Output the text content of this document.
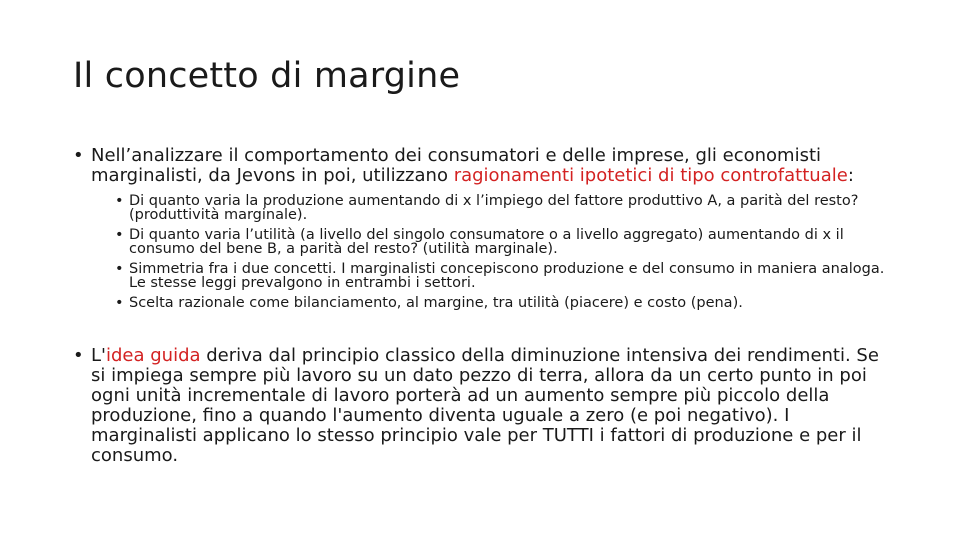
Il concetto di margine
• Nell’analizzare il comportamento dei consumatori e delle imprese, gli economisti marginalisti, da Jevons in poi, utilizzano ragionamenti ipotetici di tipo controfattuale:
• Di quanto varia la produzione aumentando di x l’impiego del fattore produttivo A, a parità del resto? (produttività marginale).
• Di quanto varia l’utilità (a livello del singolo consumatore o a livello aggregato) aumentando di x il consumo del bene B, a parità del resto? (utilità marginale).
• Simmetria fra i due concetti. I marginalisti concepiscono produzione e del consumo in maniera analoga. Le stesse leggi prevalgono in entrambi i settori.
• Scelta razionale come bilanciamento, al margine, tra utilità (piacere) e costo (pena).
• L'idea guida deriva dal principio classico della diminuzione intensiva dei rendimenti. Se si impiega sempre più lavoro su un dato pezzo di terra, allora da un certo punto in poi ogni unità incrementale di lavoro porterà ad un aumento sempre più piccolo della produzione, fino a quando l'aumento diventa uguale a zero (e poi negativo). I marginalisti applicano lo stesso principio vale per TUTTI i fattori di produzione e per il consumo.
